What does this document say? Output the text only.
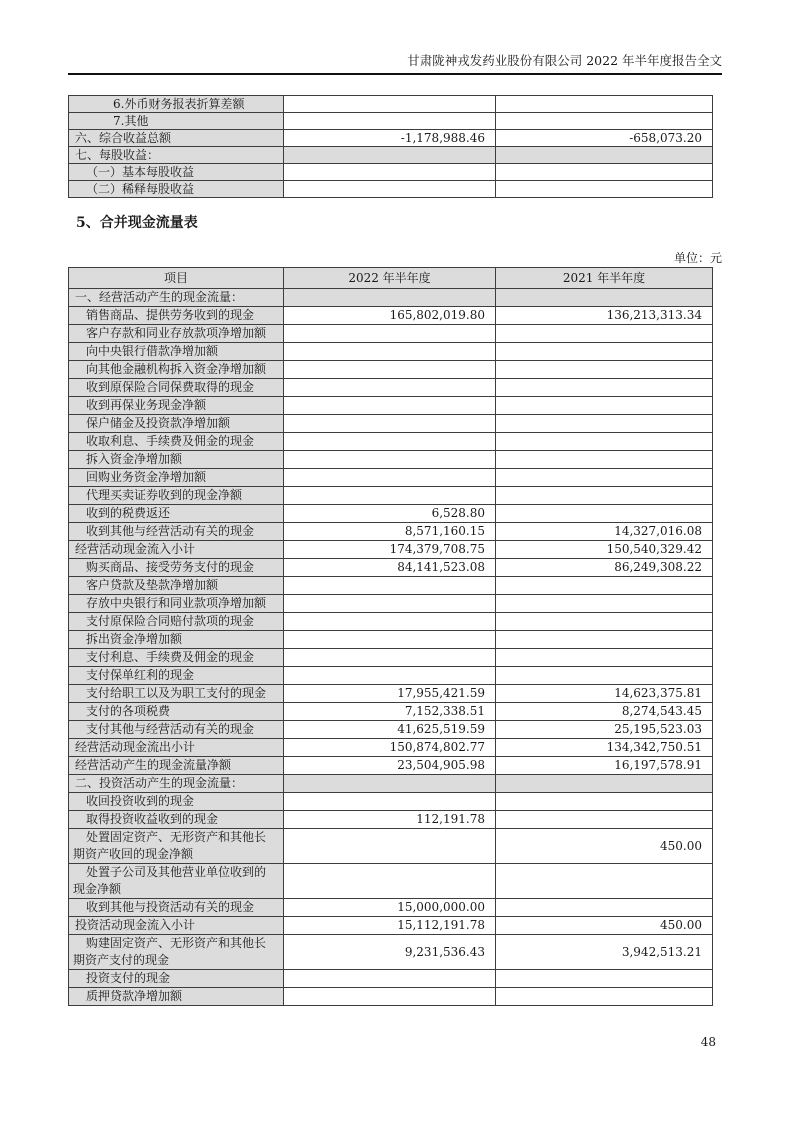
甘肃陇神戎发药业股份有限公司 2022 年半年度报告全文
6.外币财务报表折算差额		
7.其他		
六、综合收益总额	-1,178,988.46	-658,073.20
七、每股收益：		
（一）基本每股收益		
（二）稀释每股收益		
5、合并现金流量表
单位：元
项目	2022 年半年度	2021 年半年度
一、经营活动产生的现金流量：		
销售商品、提供劳务收到的现金	165,802,019.80	136,213,313.34
客户存款和同业存放款项净增加额		
向中央银行借款净增加额		
向其他金融机构拆入资金净增加额		
收到原保险合同保费取得的现金		
收到再保业务现金净额		
保户储金及投资款净增加额		
收取利息、手续费及佣金的现金		
拆入资金净增加额		
回购业务资金净增加额		
代理买卖证券收到的现金净额		
收到的税费返还	6,528.80	
收到其他与经营活动有关的现金	8,571,160.15	14,327,016.08
经营活动现金流入小计	174,379,708.75	150,540,329.42
购买商品、接受劳务支付的现金	84,141,523.08	86,249,308.22
客户贷款及垫款净增加额		
存放中央银行和同业款项净增加额		
支付原保险合同赔付款项的现金		
拆出资金净增加额		
支付利息、手续费及佣金的现金		
支付保单红利的现金		
支付给职工以及为职工支付的现金	17,955,421.59	14,623,375.81
支付的各项税费	7,152,338.51	8,274,543.45
支付其他与经营活动有关的现金	41,625,519.59	25,195,523.03
经营活动现金流出小计	150,874,802.77	134,342,750.51
经营活动产生的现金流量净额	23,504,905.98	16,197,578.91
二、投资活动产生的现金流量：		
收回投资收到的现金		
取得投资收益收到的现金	112,191.78	
处置固定资产、无形资产和其他长期资产收回的现金净额		450.00
处置子公司及其他营业单位收到的现金净额		
收到其他与投资活动有关的现金	15,000,000.00	
投资活动现金流入小计	15,112,191.78	450.00
购建固定资产、无形资产和其他长期资产支付的现金	9,231,536.43	3,942,513.21
投资支付的现金		
质押贷款净增加额		
48
